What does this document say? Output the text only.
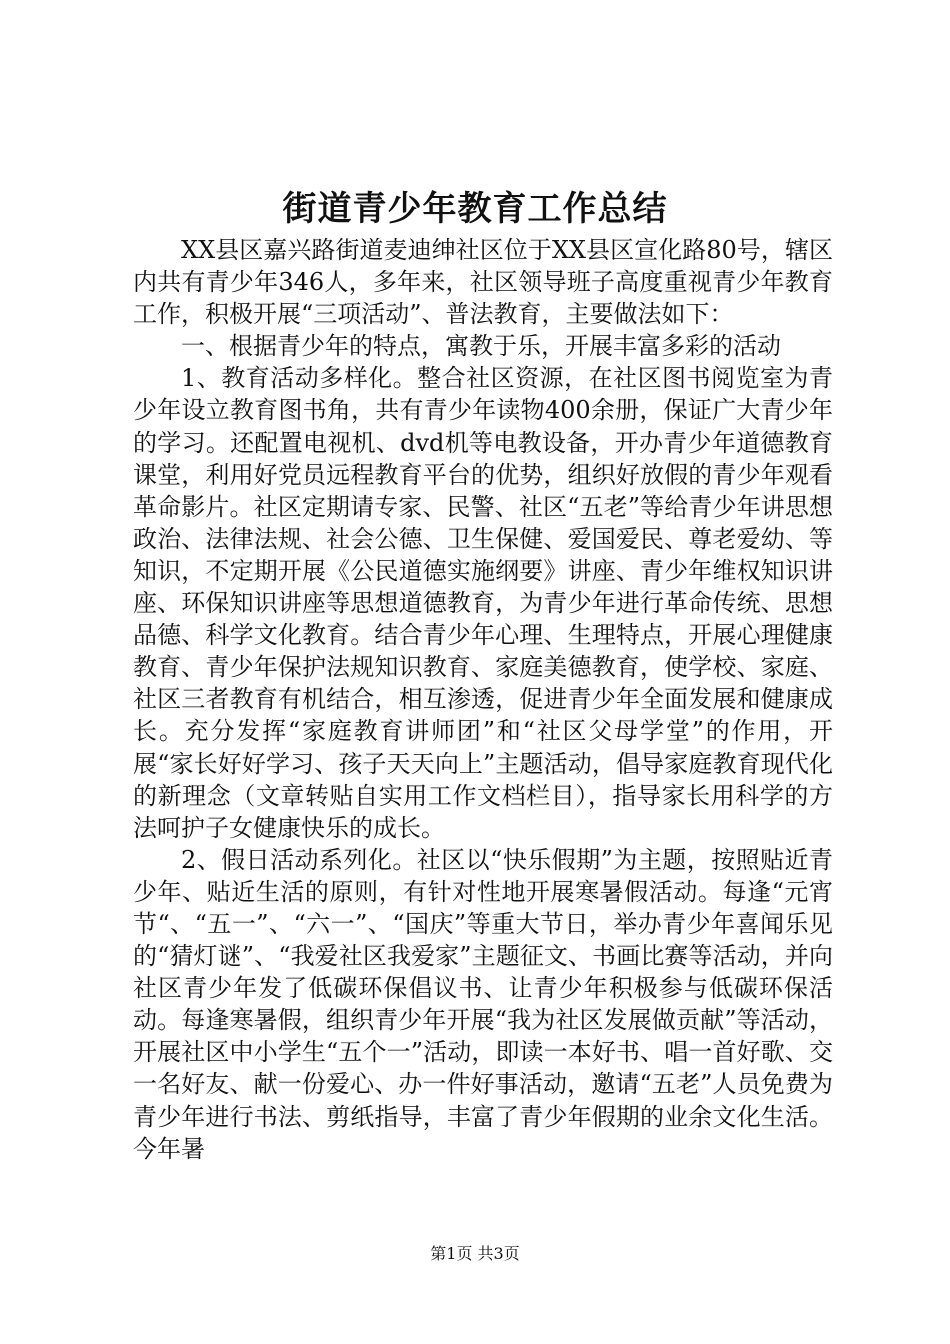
街道青少年教育工作总结

XX县区嘉兴路街道麦迪绅社区位于XX县区宣化路80号，辖区内共有青少年346人，多年来，社区领导班子高度重视青少年教育工作，积极开展“三项活动”、普法教育，主要做法如下：

一、根据青少年的特点，寓教于乐，开展丰富多彩的活动

1、教育活动多样化。整合社区资源，在社区图书阅览室为青少年设立教育图书角，共有青少年读物400余册，保证广大青少年的学习。还配置电视机、dvd机等电教设备，开办青少年道德教育课堂，利用好党员远程教育平台的优势，组织好放假的青少年观看革命影片。社区定期请专家、民警、社区“五老”等给青少年讲思想政治、法律法规、社会公德、卫生保健、爱国爱民、尊老爱幼、等知识，不定期开展《公民道德实施纲要》讲座、青少年维权知识讲座、环保知识讲座等思想道德教育，为青少年进行革命传统、思想品德、科学文化教育。结合青少年心理、生理特点，开展心理健康教育、青少年保护法规知识教育、家庭美德教育，使学校、家庭、社区三者教育有机结合，相互渗透，促进青少年全面发展和健康成长。充分发挥“家庭教育讲师团”和“社区父母学堂”的作用，开展“家长好好学习、孩子天天向上”主题活动，倡导家庭教育现代化的新理念（文章转贴自实用工作文档栏目），指导家长用科学的方法呵护子女健康快乐的成长。

2、假日活动系列化。社区以“快乐假期”为主题，按照贴近青少年、贴近生活的原则，有针对性地开展寒暑假活动。每逢“元宵节“、“五一”、“六一”、“国庆”等重大节日，举办青少年喜闻乐见的“猜灯谜”、“我爱社区我爱家”主题征文、书画比赛等活动，并向社区青少年发了低碳环保倡议书、让青少年积极参与低碳环保活动。每逢寒暑假，组织青少年开展“我为社区发展做贡献”等活动，开展社区中小学生“五个一”活动，即读一本好书、唱一首好歌、交一名好友、献一份爱心、办一件好事活动，邀请“五老”人员免费为青少年进行书法、剪纸指导，丰富了青少年假期的业余文化生活。今年暑

第1页 共3页
